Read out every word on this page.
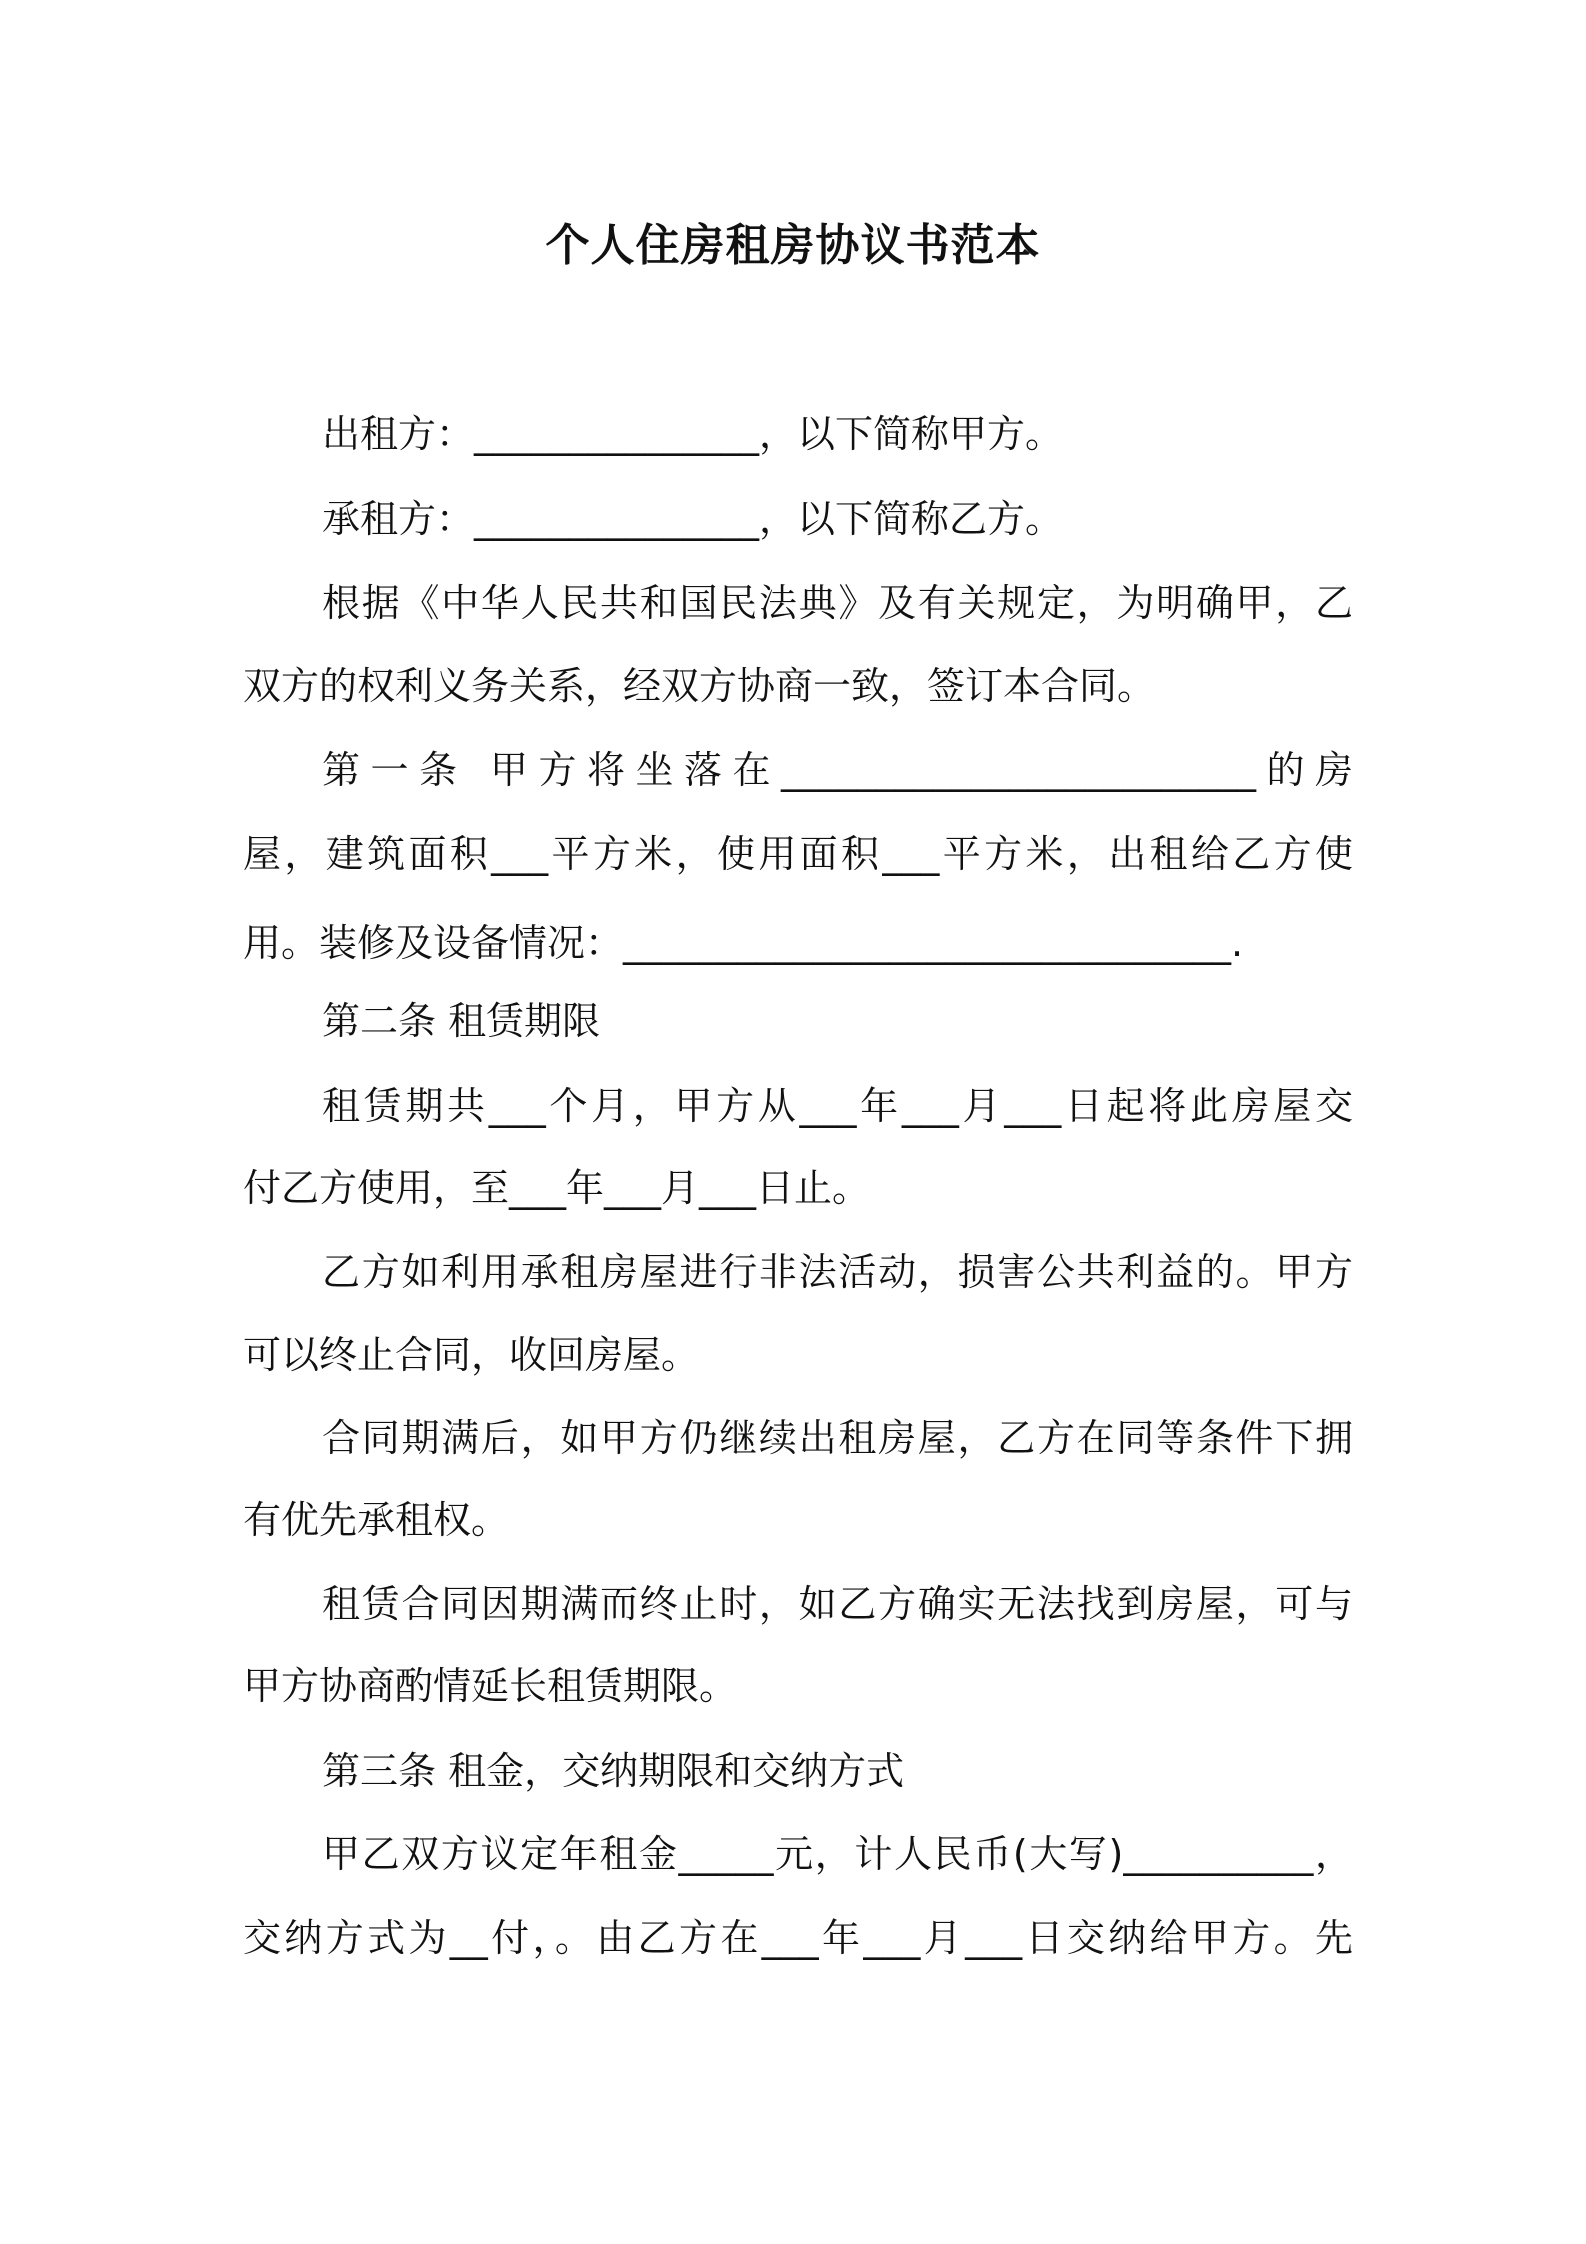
个人住房租房协议书范本

出租方：_______________，以下简称甲方。

承租方：_______________，以下简称乙方。

根据《中华人民共和国民法典》及有关规定，为明确甲，乙

双方的权利义务关系，经双方协商一致，签订本合同。

第一条 甲方将坐落在_________________________的房

屋，建筑面积___平方米，使用面积___平方米，出租给乙方使

用。装修及设备情况：________________________________.

第二条 租赁期限

租赁期共___个月，甲方从___年___月___日起将此房屋交

付乙方使用，至___年___月___日止。

乙方如利用承租房屋进行非法活动，损害公共利益的。甲方

可以终止合同，收回房屋。

合同期满后，如甲方仍继续出租房屋，乙方在同等条件下拥

有优先承租权。

租赁合同因期满而终止时，如乙方确实无法找到房屋，可与

甲方协商酌情延长租赁期限。

第三条 租金，交纳期限和交纳方式

甲乙双方议定年租金_____元，计人民币(大写)__________，

交纳方式为__付，。由乙方在___年___月___日交纳给甲方。先
